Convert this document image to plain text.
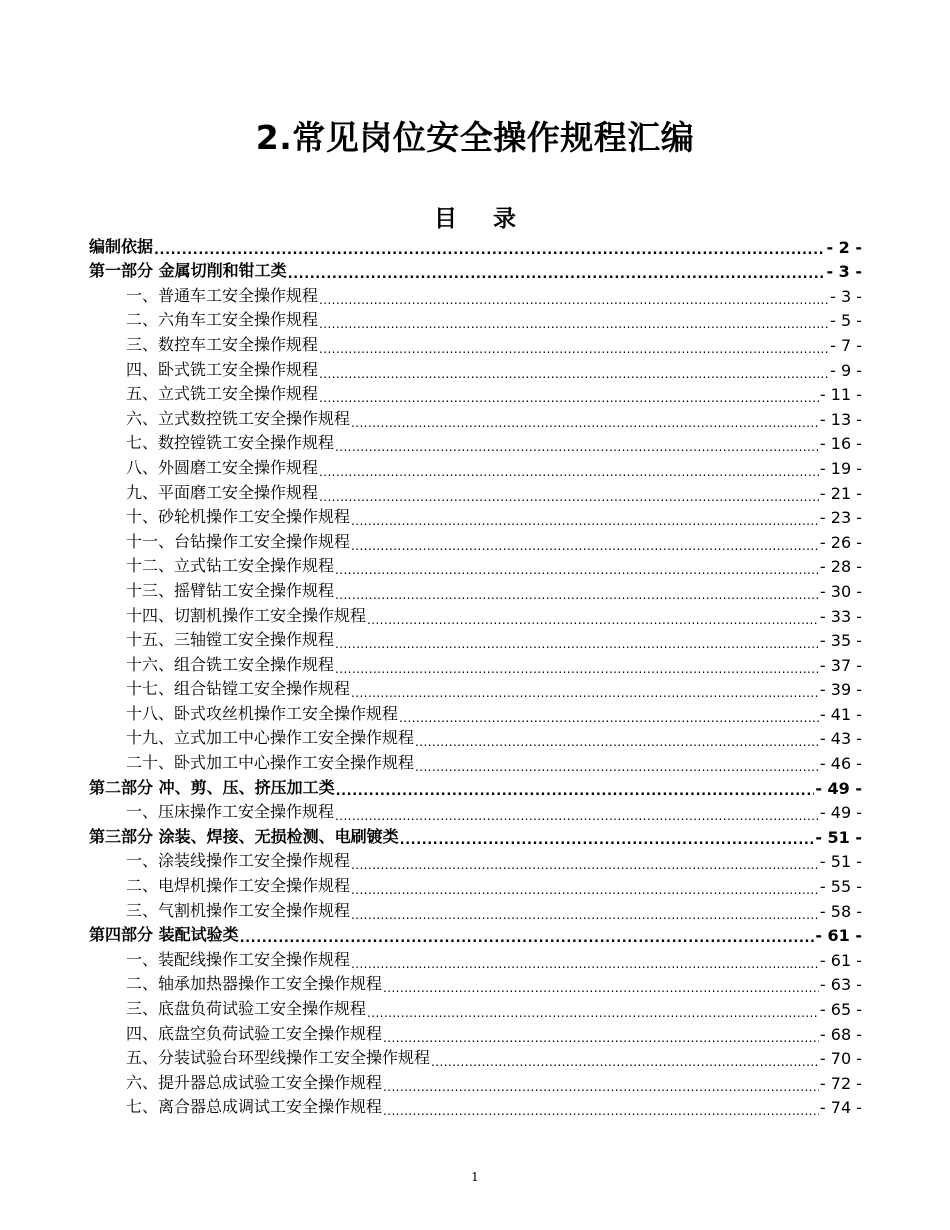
2.常见岗位安全操作规程汇编
目 录
编制依据 .....	- 2 -
第一部分 金属切削和钳工类 .....	- 3 -
一、普通车工安全操作规程 .....	- 3 -
二、六角车工安全操作规程 .....	- 5 -
三、数控车工安全操作规程 .....	- 7 -
四、卧式铣工安全操作规程 .....	- 9 -
五、立式铣工安全操作规程 .....	- 11 -
六、立式数控铣工安全操作规程 .....	- 13 -
七、数控镗铣工安全操作规程 .....	- 16 -
八、外圆磨工安全操作规程 .....	- 19 -
九、平面磨工安全操作规程 .....	- 21 -
十、砂轮机操作工安全操作规程 .....	- 23 -
十一、台钻操作工安全操作规程 .....	- 26 -
十二、立式钻工安全操作规程 .....	- 28 -
十三、摇臂钻工安全操作规程 .....	- 30 -
十四、切割机操作工安全操作规程 .....	- 33 -
十五、三轴镗工安全操作规程 .....	- 35 -
十六、组合铣工安全操作规程 .....	- 37 -
十七、组合钻镗工安全操作规程 .....	- 39 -
十八、卧式攻丝机操作工安全操作规程 .....	- 41 -
十九、立式加工中心操作工安全操作规程 .....	- 43 -
二十、卧式加工中心操作工安全操作规程 .....	- 46 -
第二部分 冲、剪、压、挤压加工类 .....	- 49 -
一、压床操作工安全操作规程 .....	- 49 -
第三部分 涂装、焊接、无损检测、电刷镀类 .....	- 51 -
一、涂装线操作工安全操作规程 .....	- 51 -
二、电焊机操作工安全操作规程 .....	- 55 -
三、气割机操作工安全操作规程 .....	- 58 -
第四部分 装配试验类 .....	- 61 -
一、装配线操作工安全操作规程 .....	- 61 -
二、轴承加热器操作工安全操作规程 .....	- 63 -
三、底盘负荷试验工安全操作规程 .....	- 65 -
四、底盘空负荷试验工安全操作规程 .....	- 68 -
五、分装试验台环型线操作工安全操作规程 .....	- 70 -
六、提升器总成试验工安全操作规程 .....	- 72 -
七、离合器总成调试工安全操作规程 .....	- 74 -
1
